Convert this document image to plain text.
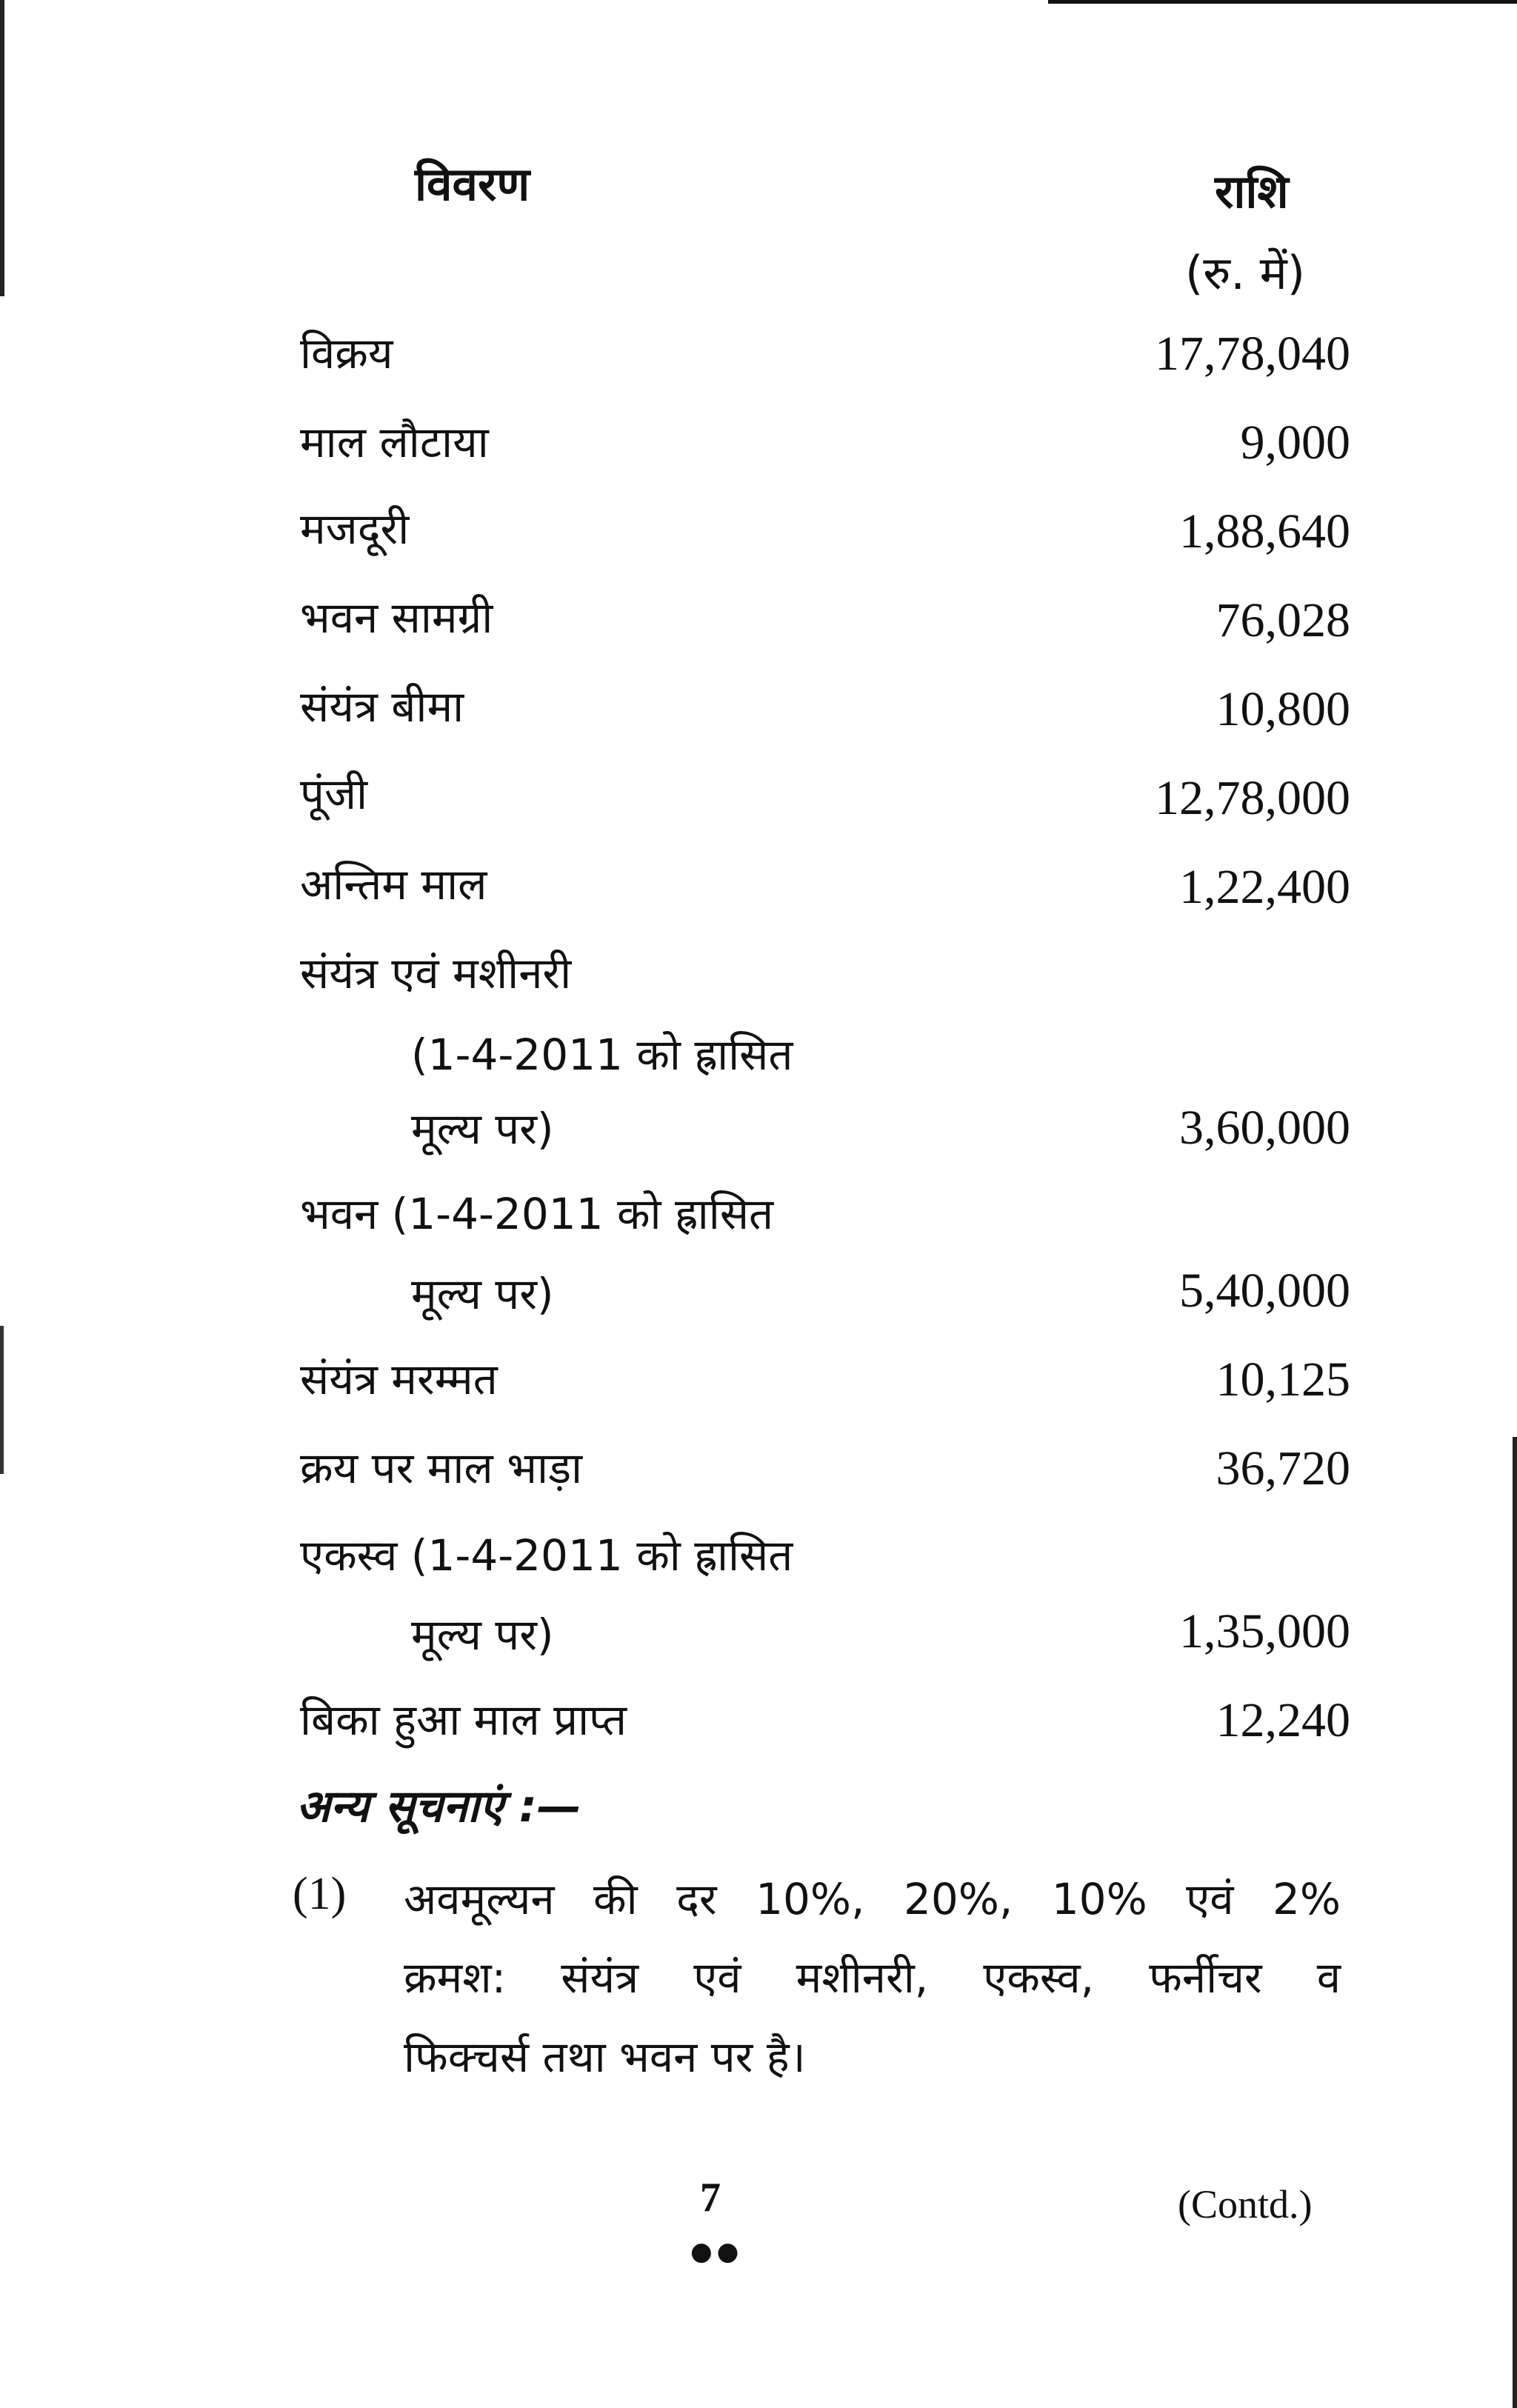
विवरण	राशि
(रु. में)
विक्रय	17,78,040
माल लौटाया	9,000
मजदूरी	1,88,640
भवन सामग्री	76,028
संयंत्र बीमा	10,800
पूंजी	12,78,000
अन्तिम माल	1,22,400
संयंत्र एवं मशीनरी
(1-4-2011 को ह्रासित
मूल्य पर)	3,60,000
भवन (1-4-2011 को ह्रासित
मूल्य पर)	5,40,000
संयंत्र मरम्मत	10,125
क्रय पर माल भाड़ा	36,720
एकस्व (1-4-2011 को ह्रासित
मूल्य पर)	1,35,000
बिका हुआ माल प्राप्त	12,240
अन्य सूचनाएं :—
(1) अवमूल्यन की दर 10%, 20%, 10% एवं 2%
क्रमश: संयंत्र एवं मशीनरी, एकस्व, फर्नीचर व
फिक्चर्स तथा भवन पर है।
7
●●
(Contd.)
